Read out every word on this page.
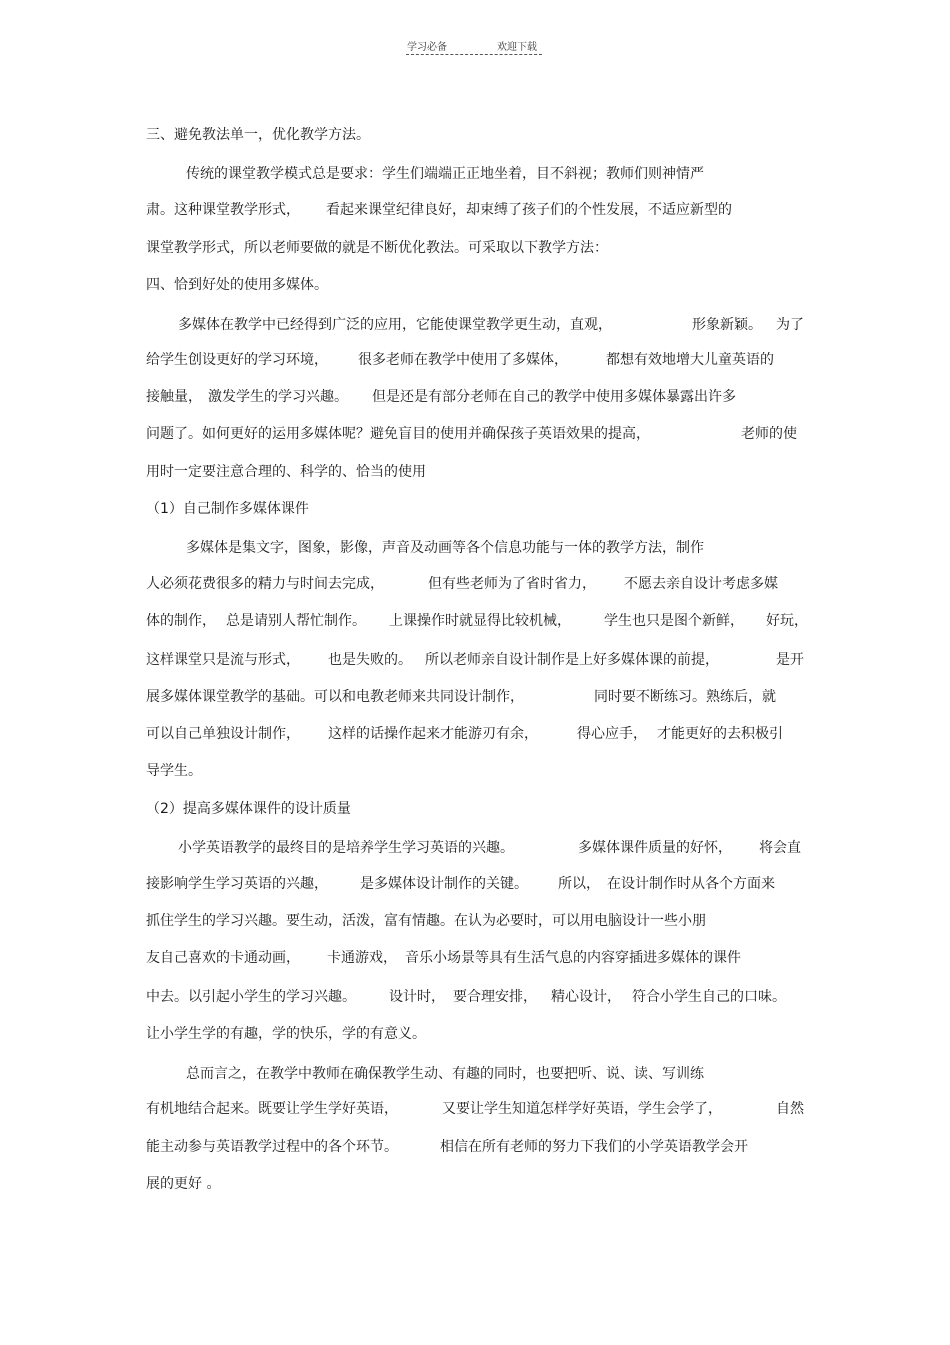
学习必备	欢迎下载
三、避免教法单一，优化教学方法。
传统的课堂教学模式总是要求：学生们端端正正地坐着，目不斜视；教师们则神情严
肃。这种课堂教学形式， 看起来课堂纪律良好，却束缚了孩子们的个性发展，不适应新型的
课堂教学形式，所以老师要做的就是不断优化教法。可采取以下教学方法：
四、恰到好处的使用多媒体。
多媒体在教学中已经得到广泛的应用，它能使课堂教学更生动，直观，	形象新颖。 为了
给学生创设更好的学习环境， 很多老师在教学中使用了多媒体，	都想有效地增大儿童英语的
接触量， 激发学生的学习兴趣。 但是还是有部分老师在自己的教学中使用多媒体暴露出许多
问题了。如何更好的运用多媒体呢？避免盲目的使用并确保孩子英语效果的提高，	老师的使
用时一定要注意合理的、科学的、恰当的使用
（1）自己制作多媒体课件
多媒体是集文字，图象，影像，声音及动画等各个信息功能与一体的教学方法，制作
人必须花费很多的精力与时间去完成，	但有些老师为了省时省力， 不愿去亲自设计考虑多媒
体的制作， 总是请别人帮忙制作。 上课操作时就显得比较机械， 学生也只是图个新鲜， 好玩，
这样课堂只是流与形式， 也是失败的。 所以老师亲自设计制作是上好多媒体课的前提，	是开
展多媒体课堂教学的基础。可以和电教老师来共同设计制作，	同时要不断练习。熟练后，就
可以自己单独设计制作， 这样的话操作起来才能游刃有余，	得心应手， 才能更好的去积极引
导学生。
（2）提高多媒体课件的设计质量
小学英语教学的最终目的是培养学生学习英语的兴趣。	多媒体课件质量的好怀， 将会直
接影响学生学习英语的兴趣， 是多媒体设计制作的关键。 所以， 在设计制作时从各个方面来
抓住学生的学习兴趣。要生动，活泼，富有情趣。在认为必要时，可以用电脑设计一些小朋
友自己喜欢的卡通动画， 卡通游戏， 音乐小场景等具有生活气息的内容穿插进多媒体的课件
中去。以引起小学生的学习兴趣。 设计时， 要合理安排， 精心设计， 符合小学生自己的口味。
让小学生学的有趣，学的快乐，学的有意义。
总而言之，在教学中教师在确保教学生动、有趣的同时，也要把听、说、读、写训练
有机地结合起来。既要让学生学好英语，	又要让学生知道怎样学好英语，学生会学了，	自然
能主动参与英语教学过程中的各个环节。	相信在所有老师的努力下我们的小学英语教学会开
展的更好 。
